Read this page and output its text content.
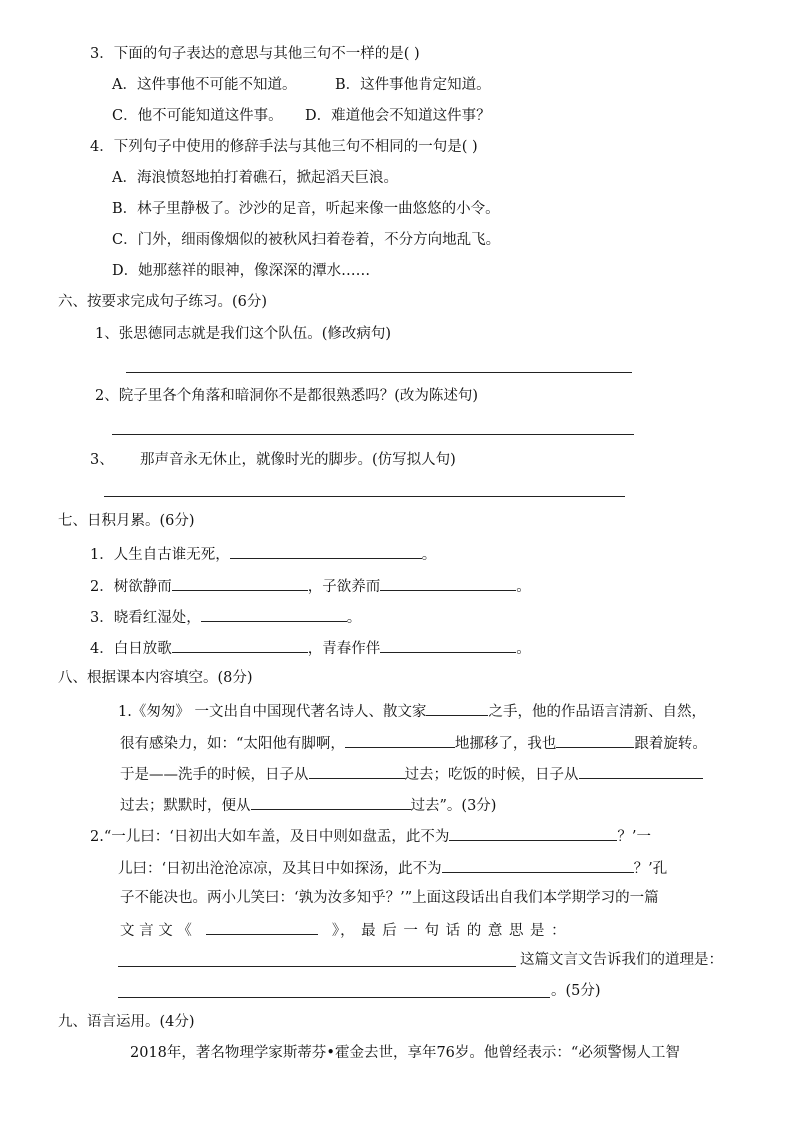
3．下面的句子表达的意思与其他三句不一样的是( )
A．这件事他不可能不知道。	B．这件事他肯定知道。
C．他不可能知道这件事。 D．难道他会不知道这件事？
4．下列句子中使用的修辞手法与其他三句不相同的一句是( )
A．海浪愤怒地拍打着礁石，掀起滔天巨浪。
B．林子里静极了。沙沙的足音，听起来像一曲悠悠的小令。
C．门外，细雨像烟似的被秋风扫着卷着，不分方向地乱飞。
D．她那慈祥的眼神，像深深的潭水……
六、按要求完成句子练习。(6分)
1、张思德同志就是我们这个队伍。(修改病句)
2、院子里各个角落和暗洞你不是都很熟悉吗？(改为陈述句)
3、 那声音永无休止，就像时光的脚步。(仿写拟人句)
七、日积月累。(6分)
1．人生自古谁无死，	。
2．树欲静而	，子欲养而	。
3．晓看红湿处，	。
4．白日放歌	，青春作伴	。
八、根据课本内容填空。(8分)
1.《匆匆》 一文出自中国现代著名诗人、散文家	之手，他的作品语言清新、自然，
很有感染力，如：“太阳他有脚啊，	地挪移了，我也	跟着旋转。
于是——洗手的时候，日子从	过去；吃饭的时候，日子从
过去；默默时，便从	过去”。(3分)
2.“一儿曰：‘日初出大如车盖，及日中则如盘盂，此不为	？’一
儿曰：‘日初出沧沧凉凉，及其日中如探汤，此不为	？’孔
子不能决也。两小儿笑曰：‘孰为汝多知乎？’”上面这段话出自我们本学期学习的一篇
文 言 文 《	》， 最 后 一 句 话 的 意 思 是 ：
这篇文言文告诉我们的道理是：
。(5分)
九、语言运用。(4分)
2018年，著名物理学家斯蒂芬•霍金去世，享年76岁。他曾经表示：“必须警惕人工智
